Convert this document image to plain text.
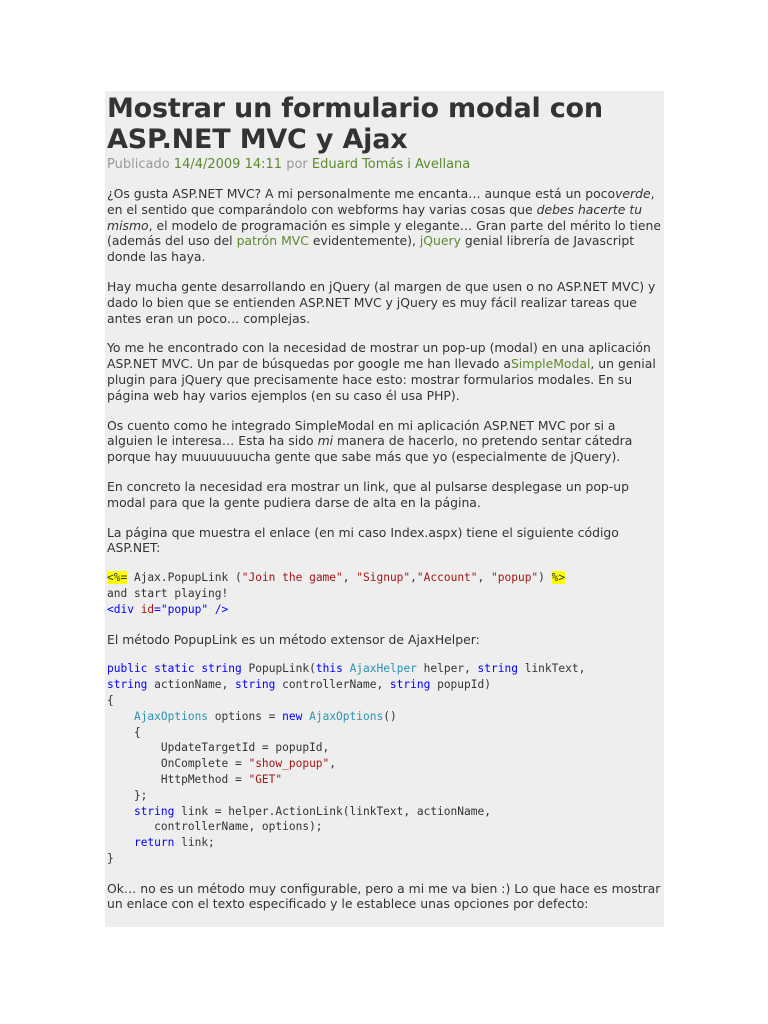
Mostrar un formulario modal con
ASP.NET MVC y Ajax
Publicado 14/4/2009 14:11 por Eduard Tomás i Avellana

¿Os gusta ASP.NET MVC? A mi personalmente me encanta… aunque está un pocoverde, en el sentido que comparándolo con webforms hay varias cosas que debes hacerte tu mismo, el modelo de programación es simple y elegante… Gran parte del mérito lo tiene (además del uso del patrón MVC evidentemente), jQuery genial librería de Javascript donde las haya.

Hay mucha gente desarrollando en jQuery (al margen de que usen o no ASP.NET MVC) y dado lo bien que se entienden ASP.NET MVC y jQuery es muy fácil realizar tareas que antes eran un poco… complejas.

Yo me he encontrado con la necesidad de mostrar un pop-up (modal) en una aplicación ASP.NET MVC. Un par de búsquedas por google me han llevado aSimpleModal, un genial plugin para jQuery que precisamente hace esto: mostrar formularios modales. En su página web hay varios ejemplos (en su caso él usa PHP).

Os cuento como he integrado SimpleModal en mi aplicación ASP.NET MVC por si a alguien le interesa… Esta ha sido mi manera de hacerlo, no pretendo sentar cátedra porque hay muuuuuuucha gente que sabe más que yo (especialmente de jQuery).

En concreto la necesidad era mostrar un link, que al pulsarse desplegase un pop-up modal para que la gente pudiera darse de alta en la página.

La página que muestra el enlace (en mi caso Index.aspx) tiene el siguiente código ASP.NET:

<%= Ajax.PopupLink ("Join the game", "Signup","Account", "popup") %>
and start playing!
<div id="popup" />

El método PopupLink es un método extensor de AjaxHelper:

public static string PopupLink(this AjaxHelper helper, string linkText,
string actionName, string controllerName, string popupId)
{
AjaxOptions options = new AjaxOptions()
{
UpdateTargetId = popupId,
OnComplete = "show_popup",
HttpMethod = "GET"
};
string link = helper.ActionLink(linkText, actionName,
controllerName, options);
return link;
}

Ok… no es un método muy configurable, pero a mi me va bien :) Lo que hace es mostrar un enlace con el texto especificado y le establece unas opciones por defecto:
